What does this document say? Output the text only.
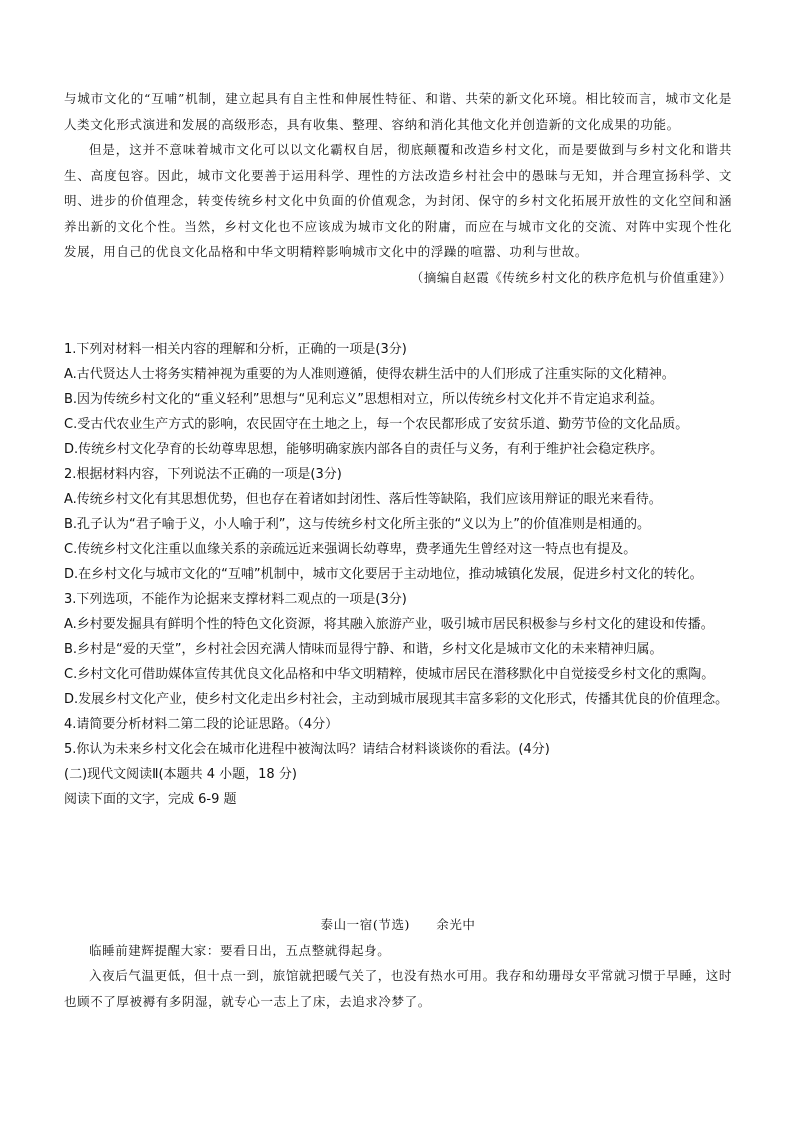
与城市文化的“互哺”机制，建立起具有自主性和伸展性特征、和谐、共荣的新文化环境。相比较而言，城市文化是人类文化形式演进和发展的高级形态，具有收集、整理、容纳和消化其他文化并创造新的文化成果的功能。

但是，这并不意味着城市文化可以以文化霸权自居，彻底颠覆和改造乡村文化，而是要做到与乡村文化和谐共生、高度包容。因此，城市文化要善于运用科学、理性的方法改造乡村社会中的愚昧与无知，并合理宣扬科学、文明、进步的价值理念，转变传统乡村文化中负面的价值观念，为封闭、保守的乡村文化拓展开放性的文化空间和涵养出新的文化个性。当然，乡村文化也不应该成为城市文化的附庸，而应在与城市文化的交流、对阵中实现个性化发展，用自己的优良文化品格和中华文明精粹影响城市文化中的浮躁的喧嚣、功利与世故。

（摘编自赵霞《传统乡村文化的秩序危机与价值重建》）

1.下列对材料一相关内容的理解和分析，正确的一项是(3分)

A.古代贤达人士将务实精神视为重要的为人准则遵循，使得农耕生活中的人们形成了注重实际的文化精神。

B.因为传统乡村文化的“重义轻利”思想与“见利忘义”思想相对立，所以传统乡村文化并不肯定追求利益。

C.受古代农业生产方式的影响，农民固守在土地之上，每一个农民都形成了安贫乐道、勤劳节俭的文化品质。

D.传统乡村文化孕育的长幼尊卑思想，能够明确家族内部各自的责任与义务，有利于维护社会稳定秩序。

2.根据材料内容，下列说法不正确的一项是(3分)

A.传统乡村文化有其思想优势，但也存在着诸如封闭性、落后性等缺陷，我们应该用辩证的眼光来看待。

B.孔子认为“君子喻于义，小人喻于利”，这与传统乡村文化所主张的“义以为上”的价值准则是相通的。

C.传统乡村文化注重以血缘关系的亲疏远近来强调长幼尊卑，费孝通先生曾经对这一特点也有提及。

D.在乡村文化与城市文化的“互哺”机制中，城市文化要居于主动地位，推动城镇化发展，促进乡村文化的转化。

3.下列选项，不能作为论据来支撑材料二观点的一项是(3分)

A.乡村要发掘具有鲜明个性的特色文化资源，将其融入旅游产业，吸引城市居民积极参与乡村文化的建设和传播。

B.乡村是“爱的天堂”，乡村社会因充满人情味而显得宁静、和谐，乡村文化是城市文化的未来精神归属。

C.乡村文化可借助媒体宣传其优良文化品格和中华文明精粹，使城市居民在潜移默化中自觉接受乡村文化的熏陶。

D.发展乡村文化产业，使乡村文化走出乡村社会，主动到城市展现其丰富多彩的文化形式，传播其优良的价值理念。

4.请简要分析材料二第二段的论证思路。（4分）

5.你认为未来乡村文化会在城市化进程中被淘汰吗？请结合材料谈谈你的看法。(4分)

(二)现代文阅读Ⅱ(本题共 4 小题，18 分)

阅读下面的文字，完成 6-9 题

泰山一宿(节选)　　余光中

临睡前建辉提醒大家：要看日出，五点整就得起身。

入夜后气温更低，但十点一到，旅馆就把暖气关了，也没有热水可用。我存和幼珊母女平常就习惯于早睡，这时也顾不了厚被褥有多阴湿，就专心一志上了床，去追求冷梦了。
